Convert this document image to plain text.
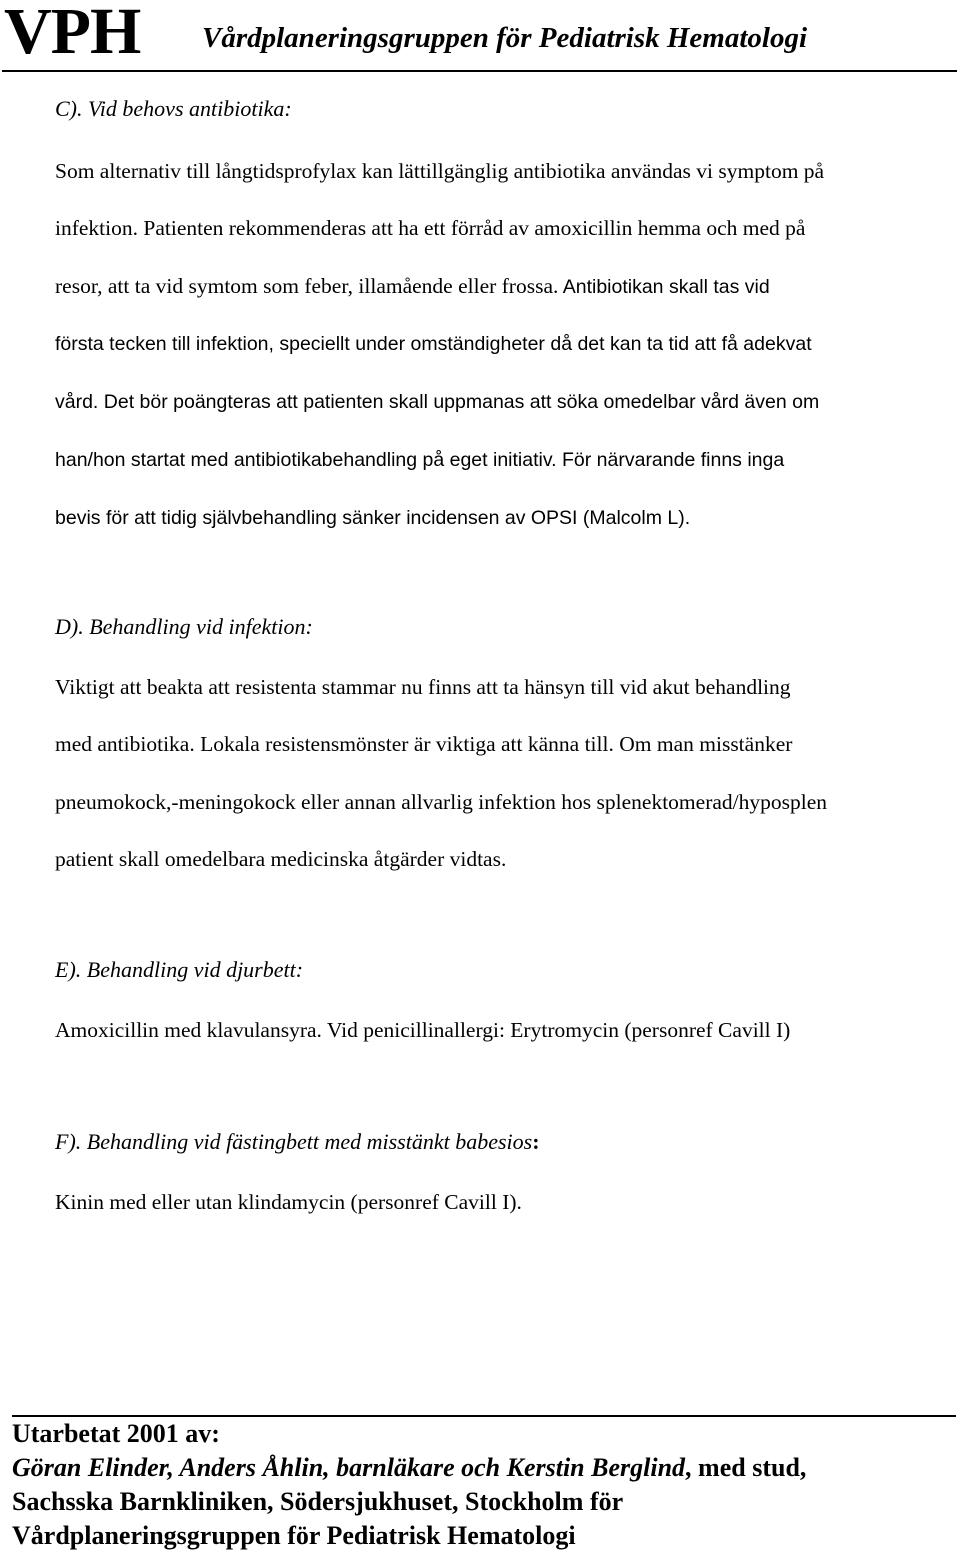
VPH Vårdplaneringsgruppen för Pediatrisk Hematologi
C). Vid behovs antibiotika:
Som alternativ till långtidsprofylax kan lättillgänglig antibiotika användas vi symptom på
infektion. Patienten rekommenderas att ha ett förråd av amoxicillin hemma och med på
resor, att ta vid symtom som feber, illamående eller frossa. Antibiotikan skall tas vid
första tecken till infektion, speciellt under omständigheter då det kan ta tid att få adekvat
vård. Det bör poängteras att patienten skall uppmanas att söka omedelbar vård även om
han/hon startat med antibiotikabehandling på eget initiativ. För närvarande finns inga
bevis för att tidig självbehandling sänker incidensen av OPSI (Malcolm L).
D). Behandling vid infektion:
Viktigt att beakta att resistenta stammar nu finns att ta hänsyn till vid akut behandling
med antibiotika. Lokala resistensmönster är viktiga att känna till. Om man misstänker
pneumokock,-meningokock eller annan allvarlig infektion hos splenektomerad/hyposplen
patient skall omedelbara medicinska åtgärder vidtas.
E). Behandling vid djurbett:
Amoxicillin med klavulansyra. Vid penicillinallergi: Erytromycin (personref Cavill I)
F). Behandling vid fästingbett med misstänkt babesios:
Kinin med eller utan klindamycin (personref Cavill I).
Utarbetat 2001 av:
Göran Elinder, Anders Åhlin, barnläkare och Kerstin Berglind, med stud,
Sachsska Barnkliniken, Södersjukhuset, Stockholm för
Vårdplaneringsgruppen för Pediatrisk Hematologi
